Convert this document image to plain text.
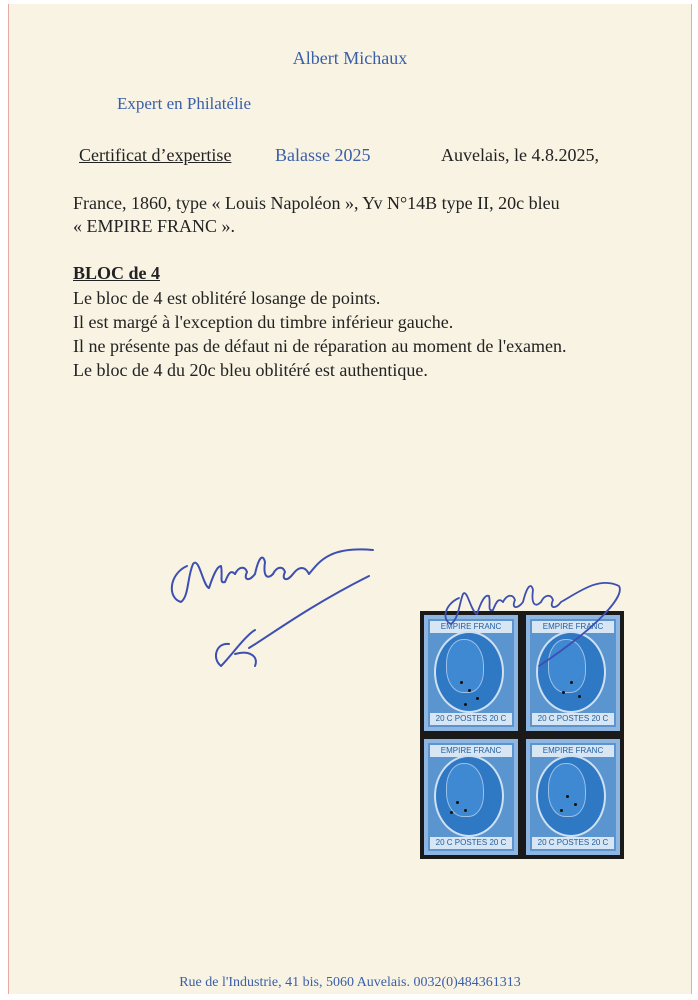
Albert Michaux
Expert en Philatélie
Certificat d’expertise Balasse 2025	Auvelais, le 4.8.2025,
France, 1860, type « Louis Napoléon », Yv N°14B type II, 20c bleu
« EMPIRE FRANC ».
BLOC de 4
Le bloc de 4 est oblitéré losange de points.
Il est margé à l'exception du timbre inférieur gauche.
Il ne présente pas de défaut ni de réparation au moment de l'examen.
Le bloc de 4 du 20c bleu oblitéré est authentique.
EMPIRE FRANC
20 C POSTES 20 C
EMPIRE FRANC
20 C POSTES 20 C
EMPIRE FRANC
20 C POSTES 20 C
EMPIRE FRANC
20 C POSTES 20 C
Rue de l'Industrie, 41 bis, 5060 Auvelais. 0032(0)484361313
